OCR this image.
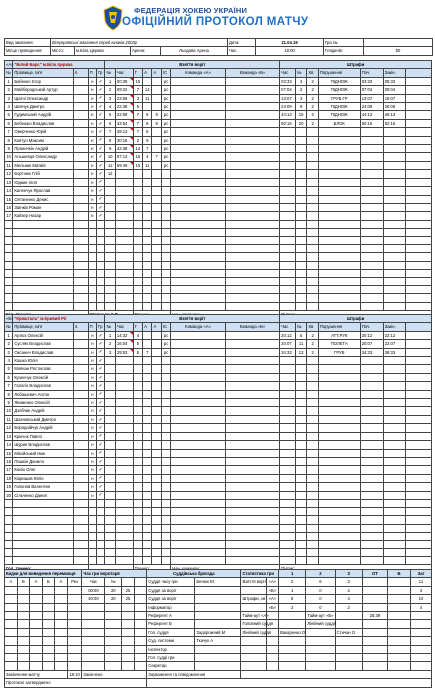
ФЕДЕРАЦІЯ ХОКЕЮ УКРАЇНИ
ОФІЦІЙНИЙ ПРОТОКОЛ МАТЧУ
Вид змагання:	Всеукраїнські змагання серед юнаків 2003р				Дата:	21.04.19	Гра №	
Місце проведення:	Місто:	м.Біла Церква	Арена:	Льодова Арена	Час:	18:00	Глядачів:	50
«А»	"Білий Барс" м.Біла Церква				Взяття воріт								Штрафи						
№	Прізвище, Ім'я	п.	П	Гр	№	Час	Г	А	А	ІС	Команда «А»	Команда «Б»	Час	№	Хв	Порушення	Поч.	Закін.	
1	Бабенко Єгор		н	✓	1	00:39	15			рс			03:33	3	2	ПІДНОЖ	03:33	05:33	
2	Майбородський Артур		н	✓	2	09:22	7	14		рс			07:04	2	2	ПІДНОЖ	07:04	09:04	
3	Щатні Олександр		н	✓	3	23:56	3	11		рс			13:07	3	2	ГРУБ.ГР	13:07	15:07	
4	Шевчук Дмитро		н	✓	4	22:38	5			рс			24:09	9	2	ПІДНОЖ	24:09	26:09	
5	Гудимський Андрій		н	✓	5	22:59	7	8	9	рс			44:13	15	2	ПІДНОЖ	44:13	46:13	
6	Бебешко Владислав		н	✓	6	33:54	7	8	9	рс			50:16	20	2	БЛОК	50:16	52:16	
7	Оверченко Юрій		н	✓	7	39:13	7	6		рс									
8	Ковтун Максим		н	✓	8	30:16	2	9		рс									
9	Проничкін Андрій		н	✓	9	42:38	14	7		рс									
10	Альшевця Олександр		н	✓	10	57:13	15	4	7	рс									
11	Мельник Матвій		н	✓	11	59:49	15	11		рс									
12	Бортнюк Гліб		н	✓	12														
13	Юдкин Ілля		н	✓															
14	Каленчук Ярослав		н	✓															
15	Олтаненко Денис		н	✓															
16	Заїнків Роман		н	✓															
17	Кайзер Назар		н	✓															

Гол. тренер:			Степанов Є.В.				Тренер:				Нач. команди:		Підпис:						
«Б»	"Кришталь" м.Кривий Ріг				Взяття воріт								Штрафи						
№	Прізвище, Ім'я	п.	П	Гр	№	Час	Г	А	А	ІС	Команда «А»	Команда «Б»	Час	№	Хв	Порушення	Поч.	Закін.	
1	Артюх Олексій		н	✓	1	14:32	4			рс			20:12	5	2	АТТ.РУК	20:12	22:12	
2	Сусляк Владислав		н	✓	2	16:04	5			рс			20:07	11	2	ПОЛЕТА	20:07	22:07	
3	Оксанич Владислав		н	✓	3	29:53	8	7		рс			34:33	13	2	ГРУБ	34:33	36:33	
4	Кошка Юлія		н	✓															
5	Мовчан Ростислав		н	✓															
6	Кузенчук Олексій		н	✓															
7	Галагін Владислав		н	✓															
8	Лобашевич Антон		н	✓															
9	Якименко Олексій		н	✓															
10	Дзябчик Андрій		н	✓															
11	Шахновський Дмитро		н	✓															
12	Бороднійчук Андрій		н	✓															
13	Крючик Павло		н	✓															
14	Шурин Владислав		н	✓															
15	Мікойський Іван		н	✓															
16	Пашкін Данило		н	✓															
17	Кюлік Олег		н	✓															
18	Кіоришов Юлія		н	✓															
19	Гапонов Валентин		н	✓															
20	Сільченко Данил		н	✓															

Гол. тренер:							Тренер:				Нач. команди:		Підпис:						
Кидки для виведення переможця						Час гри воротаря				Суддівська бригада		Статистика гри		1	2	3	ОТ	Б	Заг
А	Б	А	Б	А	Рез	Час	№			Суддя часу гри	Бенюк Ю	Взяття воріт	«А»	2	6	3			11
						00:00	20	25		Суддя за воріт			«Б»	1	0	2			3
						40:00	20	25		Суддя за воріт		Штрафи, хв	«А»	6	0	4			10
										Інформатор			«Б»	2	0	2			4
										Референт А		Тайм-аут «А»			Тайм-аут «Б»		25:39		
										Референт Б		Головний суддя			Лінійний суддя				
										Гол. суддя	Задорожний М	Лінійний суддя		Вакаренко О.		Стичан О.			
										Суд. системи	Ткачук А								
										Інспектор									
										Гол. судді гри									
										Секретар									
Закінчення матчу					18:10	Закінчено				Зауваження та повідомлення									
Протокол затверджено																			
